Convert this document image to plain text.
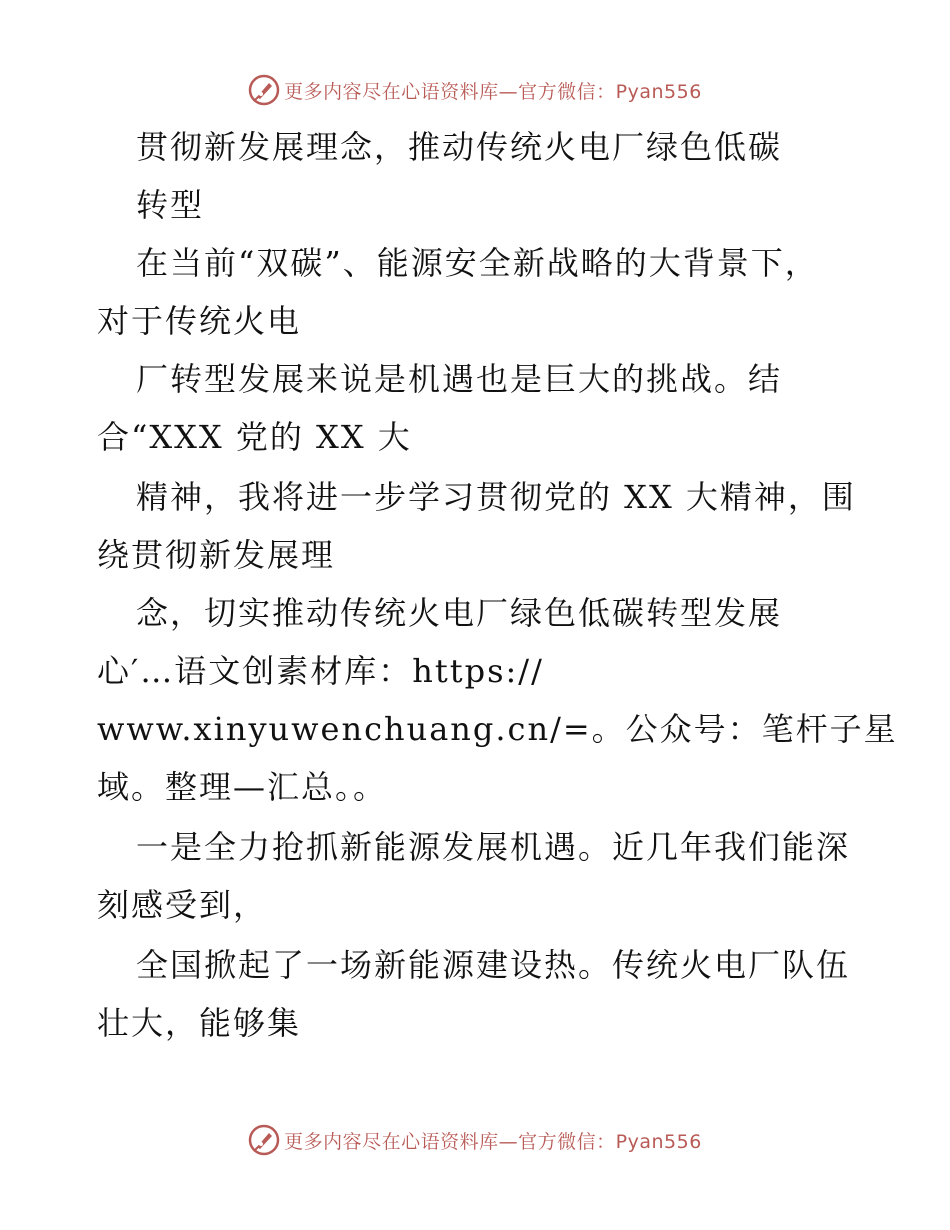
更多内容尽在心语资料库—官方微信：Pyan556
贯彻新发展理念，推动传统火电厂绿色低碳
转型
在当前“双碳”、能源安全新战略的大背景下，
对于传统火电
厂转型发展来说是机遇也是巨大的挑战。结
合“XXX 党的 XX 大
精神，我将进一步学习贯彻党的 XX 大精神，围
绕贯彻新发展理
念，切实推动传统火电厂绿色低碳转型发展
心′…语文创素材库：https://
www.xinyuwenchuang.cn/=。公众号：笔杆子星
域。整理—汇总。。
一是全力抢抓新能源发展机遇。近几年我们能深
刻感受到，
全国掀起了一场新能源建设热。传统火电厂队伍
壮大，能够集
更多内容尽在心语资料库—官方微信：Pyan556
